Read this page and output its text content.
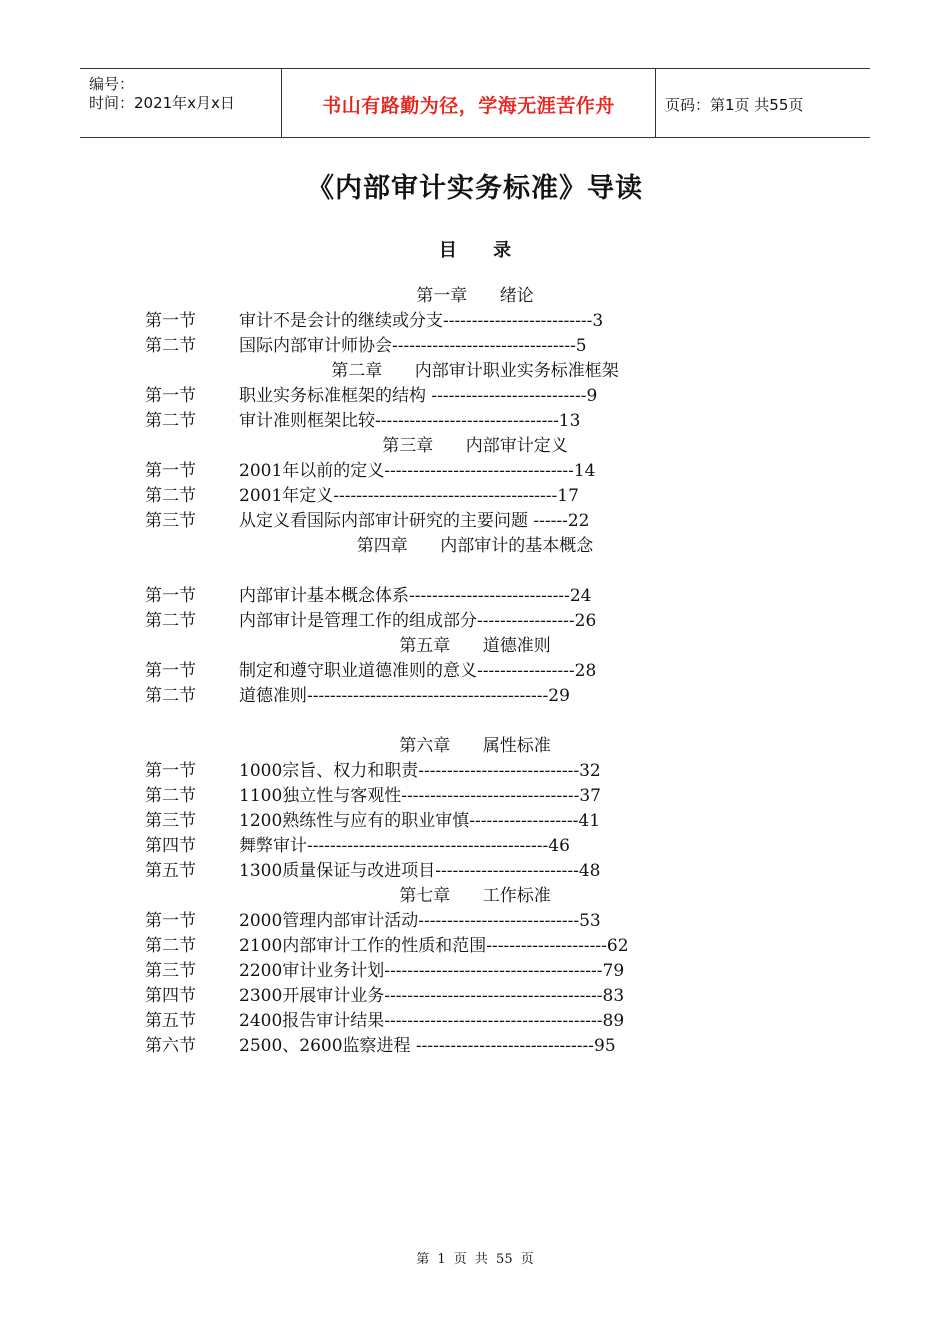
编号：
时间：2021年x月x日	书山有路勤为径，学海无涯苦作舟	页码：第1页 共55页
《内部审计实务标准》导读
目 录
第一章      绪论
第一节	审计不是会计的继续或分支--------------------------3
第二节	国际内部审计师协会--------------------------------5
第二章      内部审计职业实务标准框架
第一节	职业实务标准框架的结构 ---------------------------9
第二节	审计准则框架比较--------------------------------13
第三章      内部审计定义
第一节	2001年以前的定义---------------------------------14
第二节	2001年定义---------------------------------------17
第三节	从定义看国际内部审计研究的主要问题 ------22
第四章      内部审计的基本概念
第一节	内部审计基本概念体系----------------------------24
第二节	内部审计是管理工作的组成部分-----------------26
第五章      道德准则
第一节	制定和遵守职业道德准则的意义-----------------28
第二节	道德准则------------------------------------------29
第六章      属性标准
第一节	1000宗旨、权力和职责----------------------------32
第二节	1100独立性与客观性-------------------------------37
第三节	1200熟练性与应有的职业审慎-------------------41
第四节	舞弊审计------------------------------------------46
第五节	1300质量保证与改进项目-------------------------48
第七章      工作标准
第一节	2000管理内部审计活动----------------------------53
第二节	2100内部审计工作的性质和范围---------------------62
第三节	2200审计业务计划--------------------------------------79
第四节	2300开展审计业务--------------------------------------83
第五节	2400报告审计结果--------------------------------------89
第六节	2500、2600监察进程 -------------------------------95
第 1 页 共 55 页
